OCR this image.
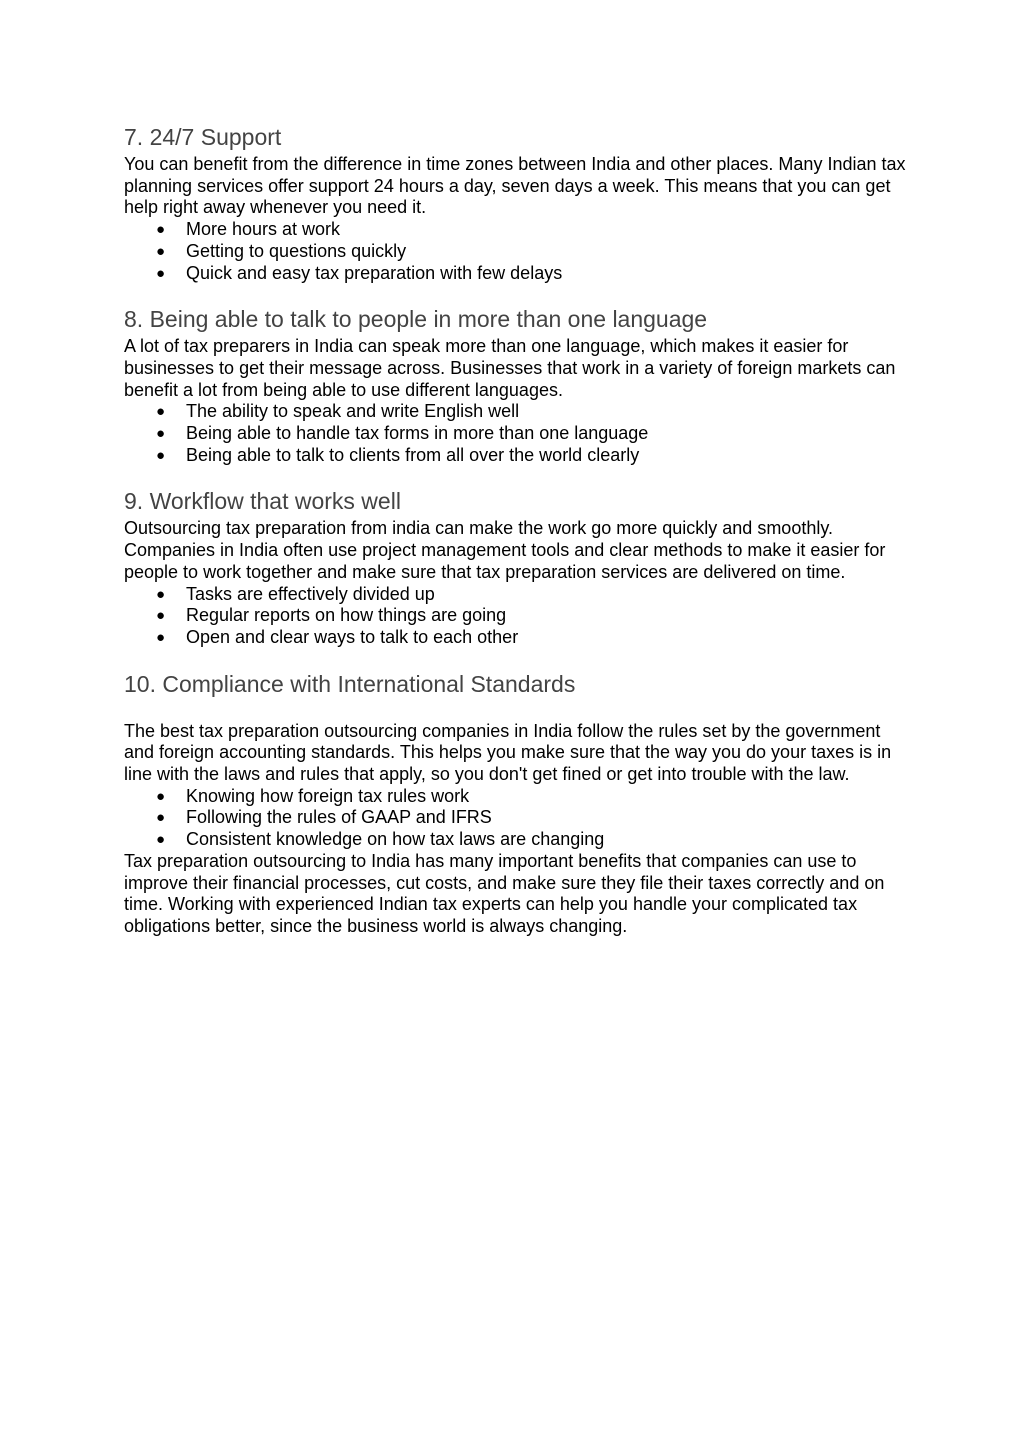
7. 24/7 Support

You can benefit from the difference in time zones between India and other places. Many Indian tax planning services offer support 24 hours a day, seven days a week. This means that you can get help right away whenever you need it.

● More hours at work
● Getting to questions quickly
● Quick and easy tax preparation with few delays
8. Being able to talk to people in more than one language

A lot of tax preparers in India can speak more than one language, which makes it easier for businesses to get their message across. Businesses that work in a variety of foreign markets can benefit a lot from being able to use different languages.

● The ability to speak and write English well
● Being able to handle tax forms in more than one language
● Being able to talk to clients from all over the world clearly
9. Workflow that works well

Outsourcing tax preparation from india can make the work go more quickly and smoothly. Companies in India often use project management tools and clear methods to make it easier for people to work together and make sure that tax preparation services are delivered on time.

● Tasks are effectively divided up
● Regular reports on how things are going
● Open and clear ways to talk to each other
10. Compliance with International Standards

The best tax preparation outsourcing companies in India follow the rules set by the government and foreign accounting standards. This helps you make sure that the way you do your taxes is in line with the laws and rules that apply, so you don't get fined or get into trouble with the law.

● Knowing how foreign tax rules work
● Following the rules of GAAP and IFRS
● Consistent knowledge on how tax laws are changing

Tax preparation outsourcing to India has many important benefits that companies can use to improve their financial processes, cut costs, and make sure they file their taxes correctly and on time. Working with experienced Indian tax experts can help you handle your complicated tax obligations better, since the business world is always changing.
